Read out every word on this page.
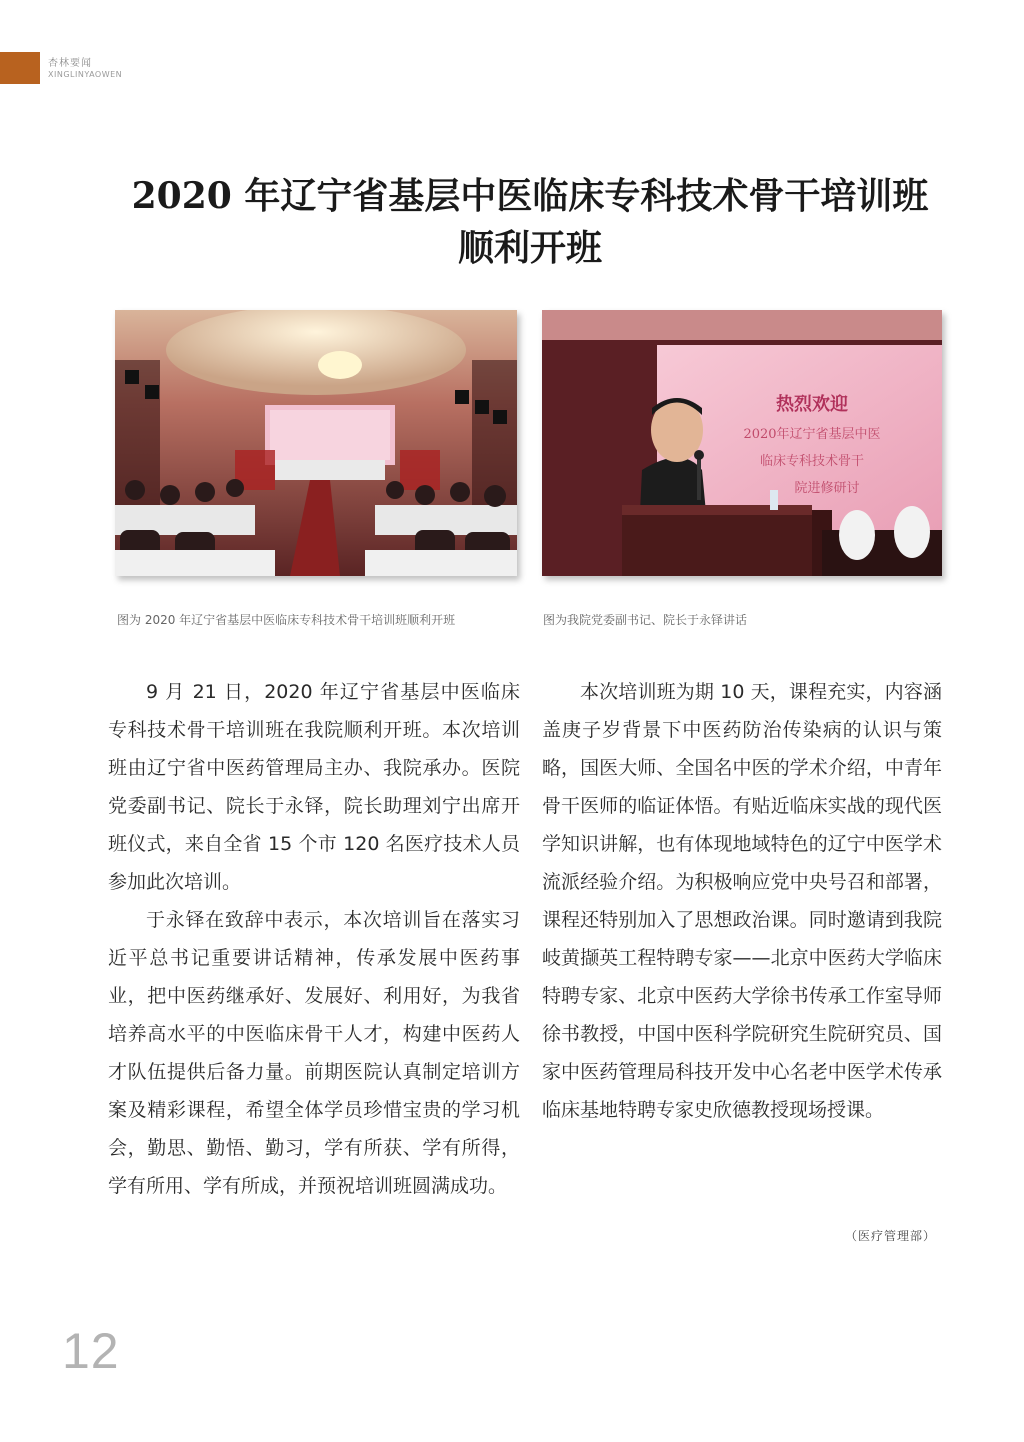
杏林要闻
XINGLINYAOWEN
2020 年辽宁省基层中医临床专科技术骨干培训班
顺利开班
热烈欢迎
2020年辽宁省基层中医
临床专科技术骨干
院进修研讨
图为 2020 年辽宁省基层中医临床专科技术骨干培训班顺利开班	图为我院党委副书记、院长于永铎讲话

9 月 21 日，2020 年辽宁省基层中医临床专科技术骨干培训班在我院顺利开班。本次培训班由辽宁省中医药管理局主办、我院承办。医院党委副书记、院长于永铎，院长助理刘宁出席开班仪式，来自全省 15 个市 120 名医疗技术人员参加此次培训。

于永铎在致辞中表示，本次培训旨在落实习近平总书记重要讲话精神，传承发展中医药事业，把中医药继承好、发展好、利用好，为我省培养高水平的中医临床骨干人才，构建中医药人才队伍提供后备力量。前期医院认真制定培训方案及精彩课程，希望全体学员珍惜宝贵的学习机会，勤思、勤悟、勤习，学有所获、学有所得，学有所用、学有所成，并预祝培训班圆满成功。

本次培训班为期 10 天，课程充实，内容涵盖庚子岁背景下中医药防治传染病的认识与策略，国医大师、全国名中医的学术介绍，中青年骨干医师的临证体悟。有贴近临床实战的现代医学知识讲解，也有体现地域特色的辽宁中医学术流派经验介绍。为积极响应党中央号召和部署，课程还特别加入了思想政治课。同时邀请到我院岐黄撷英工程特聘专家——北京中医药大学临床特聘专家、北京中医药大学徐书传承工作室导师徐书教授，中国中医科学院研究生院研究员、国家中医药管理局科技开发中心名老中医学术传承临床基地特聘专家史欣德教授现场授课。

（医疗管理部）
12
